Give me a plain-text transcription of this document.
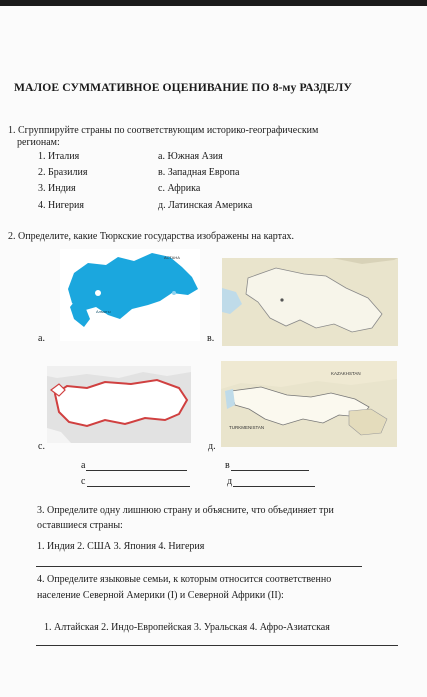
МАЛОЕ СУММАТИВНОЕ ОЦЕНИВАНИЕ ПО 8-му РАЗДЕЛУ
1. Сгруппируйте страны по соответствующим историко-географическим
регионам:
1. Италия
2. Бразилия
3. Индия
4. Нигерия
а. Южная Азия
в. Западная Европа
с. Африка
д. Латинская Америка
2. Определите, какие Тюркские государства изображены на картах.
АСТАНА
Алматы
а.	в.
с.
KAZAKHSTAN
TURKMENISTAN
д.
а	в
с	д
3. Определите одну лишнюю страну и объясните, что объединяет три
оставшиеся страны:
1. Индия 2. США 3. Япония 4. Нигерия
4. Определите языковые семьи, к которым относится соответственно
население Северной Америки (I) и Северной Африки (II):
1. Алтайская 2. Индо-Европейская 3. Уральская 4. Афро-Азиатская
